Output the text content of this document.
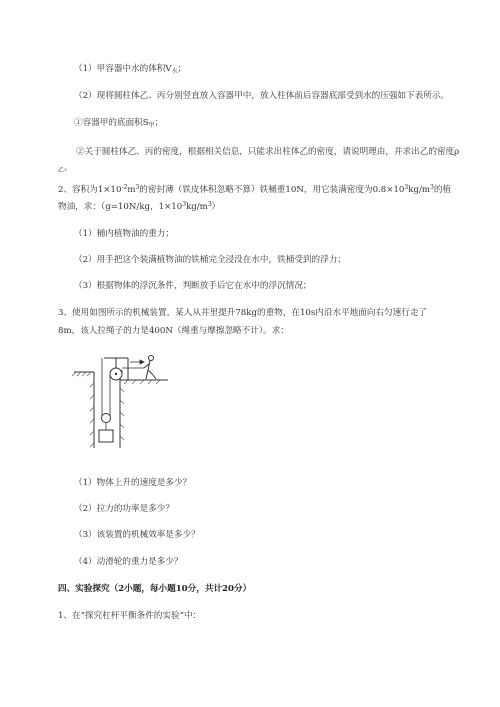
（1）甲容器中水的体积$V_水$；
（2）现将圆柱体乙、丙分别竖直放入容器甲中，放入柱体前后容器底部受到水的压强如下表所示。
①容器甲的底面积$S_甲$；
②关于圆柱体乙、丙的密度，根据相关信息，只能求出柱体乙的密度，请说明理由，并求出乙的密度$\rho_乙$。
2、容积为$1\times 10^{-2}m^3$的密封薄（铁皮体积忽略不算）铁桶重10N，用它装满密度为$0.8\times 10^3kg/m^3$的植
物油，求：（g=10N/kg，$1\times 10^3kg/m^3$）
（1）桶内植物油的重力；
（2）用手把这个装满植物油的铁桶完全浸没在水中，铁桶受到的浮力；
（3）根据物体的浮沉条件，判断放手后它在水中的浮沉情况；
3、使用如图所示的机械装置，某人从井里提升78kg的重物，在10s内沿水平地面向右匀速行走了
8m，该人拉绳子的力是400N（绳重与摩擦忽略不计）。求：
（1）物体上升的速度是多少？
（2）拉力的功率是多少？
（3）该装置的机械效率是多少？
（4）动滑轮的重力是多少？
四、实验探究（2小题，每小题10分，共计20分）
1、在“探究杠杆平衡条件的实验”中：
